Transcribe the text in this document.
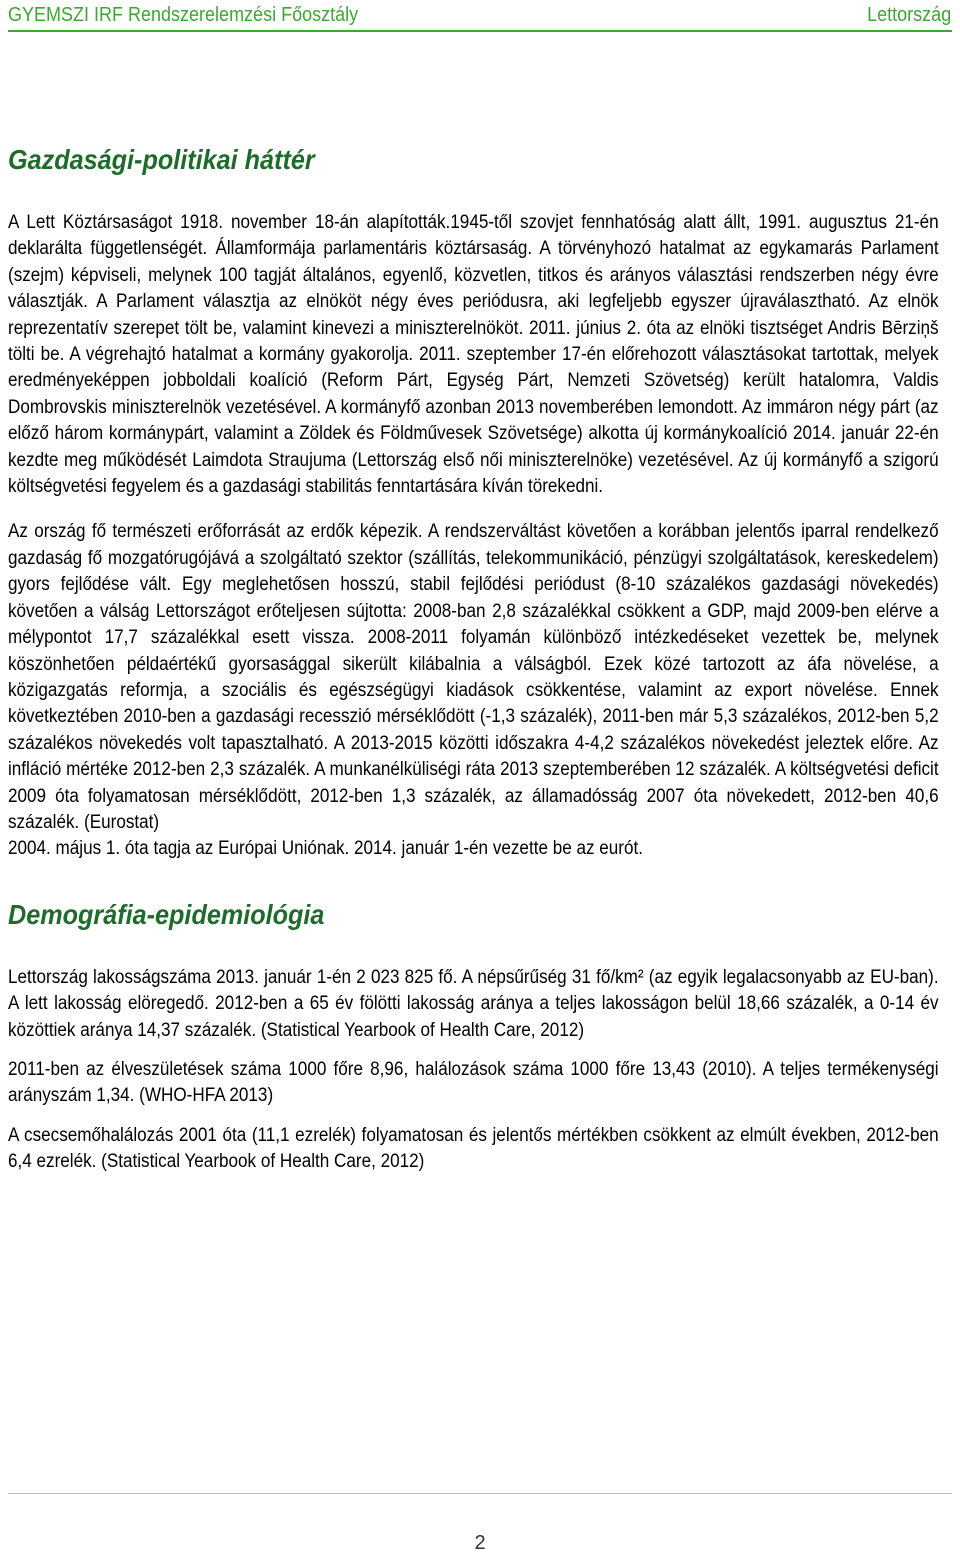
GYEMSZI IRF Rendszerelemzési Főosztály	Lettország
Gazdasági-politikai háttér

A Lett Köztársaságot 1918. november 18-án alapították.1945-től szovjet fennhatóság alatt állt, 1991. augusztus 21-én deklarálta függetlenségét. Államformája parlamentáris köztársaság. A törvényhozó hatalmat az egykamarás Parlament (szejm) képviseli, melynek 100 tagját általános, egyenlő, közvetlen, titkos és arányos választási rendszerben négy évre választják. A Parlament választja az elnököt négy éves periódusra, aki legfeljebb egyszer újraválasztható. Az elnök reprezentatív szerepet tölt be, valamint kinevezi a miniszterelnököt. 2011. június 2. óta az elnöki tisztséget Andris Bērziņš tölti be. A végrehajtó hatalmat a kormány gyakorolja. 2011. szeptember 17-én előrehozott választásokat tartottak, melyek eredményeképpen jobboldali koalíció (Reform Párt, Egység Párt, Nemzeti Szövetség) került hatalomra, Valdis Dombrovskis miniszterelnök vezetésével. A kormányfő azonban 2013 novemberében lemondott. Az immáron négy párt (az előző három kormánypárt, valamint a Zöldek és Földművesek Szövetsége) alkotta új kormánykoalíció 2014. január 22-én kezdte meg működését Laimdota Straujuma (Lettország első női miniszterelnöke) vezetésével. Az új kormányfő a szigorú költségvetési fegyelem és a gazdasági stabilitás fenntartására kíván törekedni.

Az ország fő természeti erőforrását az erdők képezik. A rendszerváltást követően a korábban jelentős iparral rendelkező gazdaság fő mozgatórugójává a szolgáltató szektor (szállítás, telekommunikáció, pénzügyi szolgáltatások, kereskedelem) gyors fejlődése vált. Egy meglehetősen hosszú, stabil fejlődési periódust (8-10 százalékos gazdasági növekedés) követően a válság Lettországot erőteljesen sújtotta: 2008-ban 2,8 százalékkal csökkent a GDP, majd 2009-ben elérve a mélypontot 17,7 százalékkal esett vissza. 2008-2011 folyamán különböző intézkedéseket vezettek be, melynek köszönhetően példaértékű gyorsasággal sikerült kilábalnia a válságból. Ezek közé tartozott az áfa növelése, a közigazgatás reformja, a szociális és egészségügyi kiadások csökkentése, valamint az export növelése. Ennek következtében 2010-ben a gazdasági recesszió mérséklődött (-1,3 százalék), 2011-ben már 5,3 százalékos, 2012-ben 5,2 százalékos növekedés volt tapasztalható. A 2013-2015 közötti időszakra 4-4,2 százalékos növekedést jeleztek előre. Az infláció mértéke 2012-ben 2,3 százalék. A munkanélküliségi ráta 2013 szeptemberében 12 százalék. A költségvetési deficit 2009 óta folyamatosan mérséklődött, 2012-ben 1,3 százalék, az államadósság 2007 óta növekedett, 2012-ben 40,6 százalék. (Eurostat)

2004. május 1. óta tagja az Európai Uniónak. 2014. január 1-én vezette be az eurót.

Demográfia-epidemiológia

Lettország lakosságszáma 2013. január 1-én 2 023 825 fő. A népsűrűség 31 fő/km² (az egyik legalacsonyabb az EU-ban). A lett lakosság elöregedő. 2012-ben a 65 év fölötti lakosság aránya a teljes lakosságon belül 18,66 százalék, a 0-14 év közöttiek aránya 14,37 százalék. (Statistical Yearbook of Health Care, 2012)

2011-ben az élveszületések száma 1000 főre 8,96, halálozások száma 1000 főre 13,43 (2010). A teljes termékenységi arányszám 1,34. (WHO-HFA 2013)

A csecsemőhalálozás 2001 óta (11,1 ezrelék) folyamatosan és jelentős mértékben csökkent az elmúlt években, 2012-ben 6,4 ezrelék. (Statistical Yearbook of Health Care, 2012)

2
